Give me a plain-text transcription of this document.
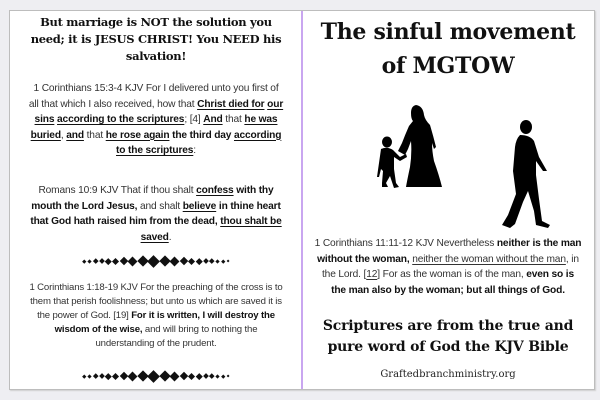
But marriage is NOT the solution you need; it is JESUS CHRIST! You NEED his salvation!
1 Corinthians 15:3-4 KJV For I delivered unto you first of all that which I also received, how that Christ died for our sins according to the scriptures; [4] And that he was buried, and that he rose again the third day according to the scriptures:
Romans 10:9 KJV That if thou shalt confess with thy mouth the Lord Jesus, and shalt believe in thine heart that God hath raised him from the dead, thou shalt be saved.
1 Corinthians 1:18-19 KJV For the preaching of the cross is to them that perish foolishness; but unto us which are saved it is the power of God. [19] For it is written, I will destroy the wisdom of the wise, and will bring to nothing the understanding of the prudent.
The sinful movement of MGTOW
1 Corinthians 11:11-12 KJV Nevertheless neither is the man without the woman, neither the woman without the man, in the Lord. [12] For as the woman is of the man, even so is the man also by the woman; but all things of God.
Scriptures are from the true and pure word of God the KJV Bible
Graftedbranchministry.org
